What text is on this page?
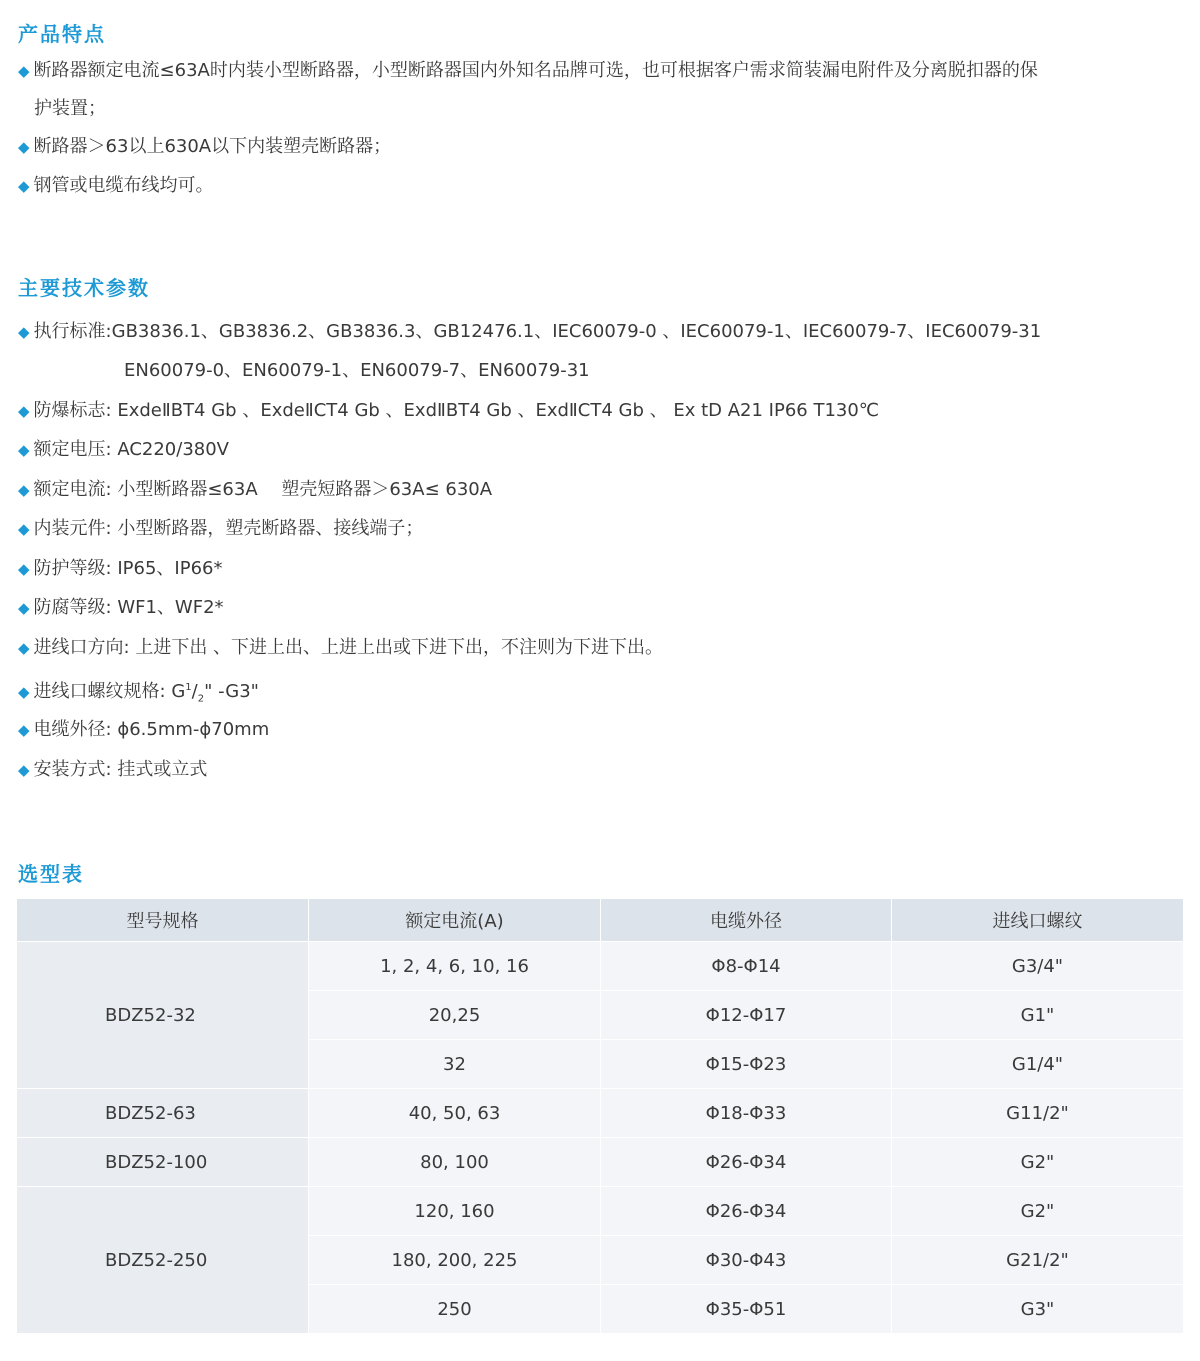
产品特点
◆ 断路器额定电流≤63A时内装小型断路器，小型断路器国内外知名品牌可选，也可根据客户需求简装漏电附件及分离脱扣器的保
护装置；
◆ 断路器＞63以上630A以下内装塑壳断路器；
◆ 钢管或电缆布线均可。
主要技术参数
◆ 执行标准:GB3836.1、GB3836.2、GB3836.3、GB12476.1、IEC60079-0 、IEC60079-1、IEC60079-7、IEC60079-31
EN60079-0、EN60079-1、EN60079-7、EN60079-31
◆ 防爆标志: ExdeⅡBT4 Gb 、ExdeⅡCT4 Gb 、ExdⅡBT4 Gb 、ExdⅡCT4 Gb 、 Ex tD A21 IP66 T130℃
◆ 额定电压: AC220/380V
◆ 额定电流: 小型断路器≤63A　 塑壳短路器＞63A≤ 630A
◆ 内装元件: 小型断路器，塑壳断路器、接线端子；
◆ 防护等级: IP65、IP66*
◆ 防腐等级: WF1、WF2*
◆ 进线口方向: 上进下出 、下进上出、上进上出或下进下出，不注则为下进下出。
◆ 进线口螺纹规格: $G^1/_2$" -G3"
◆ 电缆外径: ϕ6.5mm-ϕ70mm
◆ 安装方式: 挂式或立式
选型表
型号规格	额定电流(A)	电缆外径	进线口螺纹
BDZ52-32	1, 2, 4, 6, 10, 16	Φ8-Φ14	G3/4"
	20,25	Φ12-Φ17	G1"
	32	Φ15-Φ23	G1/4"
BDZ52-63	40, 50, 63	Φ18-Φ33	G11/2"
BDZ52-100	80, 100	Φ26-Φ34	G2"
BDZ52-250	120, 160	Φ26-Φ34	G2"
	180, 200, 225	Φ30-Φ43	G21/2"
	250	Φ35-Φ51	G3"
